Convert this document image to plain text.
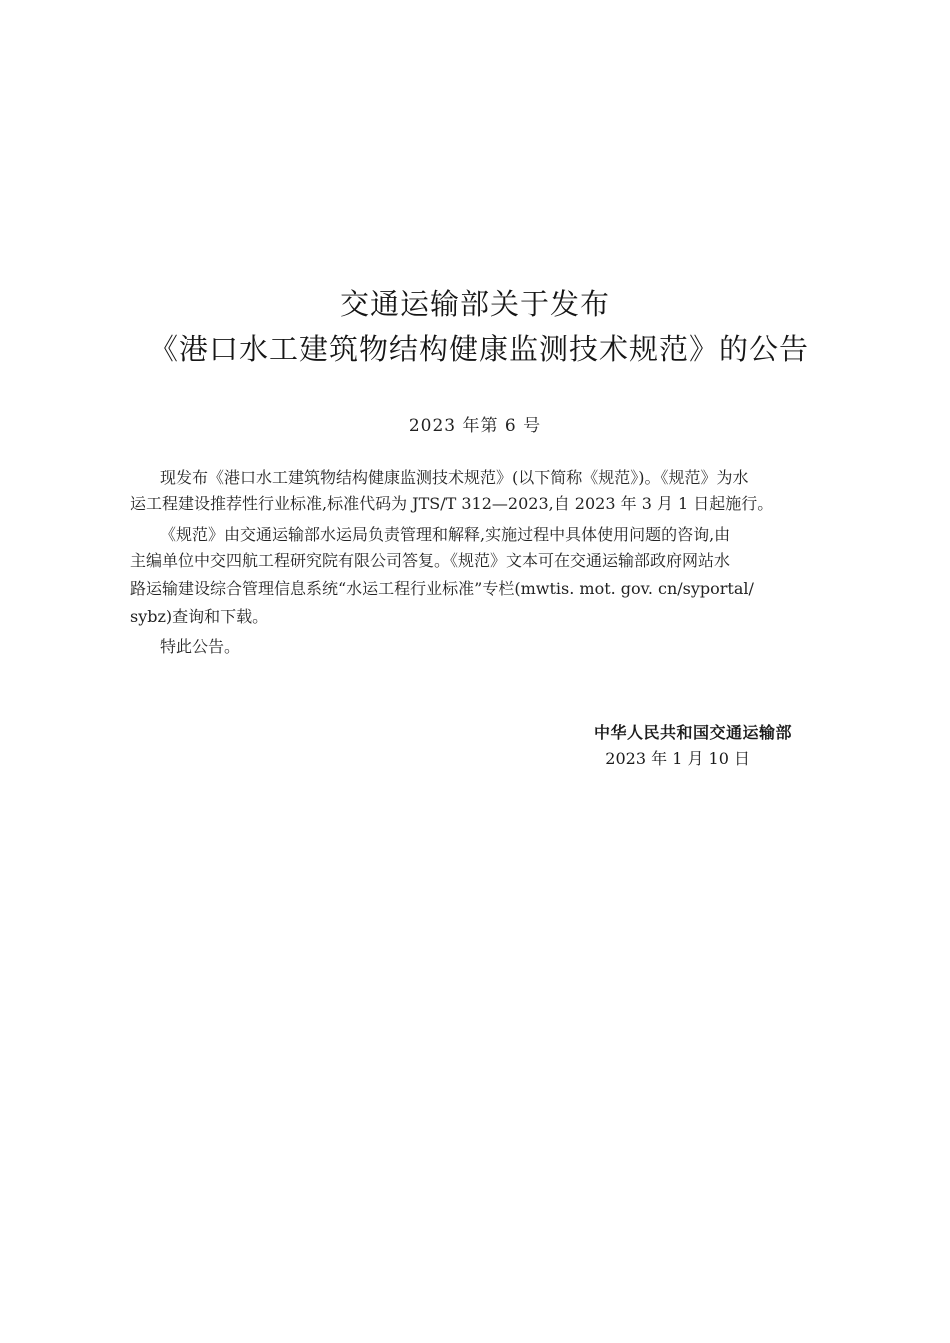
交通运输部关于发布
《港口水工建筑物结构健康监测技术规范》的公告
2023 年第 6 号
现发布《港口水工建筑物结构健康监测技术规范》(以下简称《规范》)。《规范》为水
运工程建设推荐性行业标准,标准代码为 JTS/T 312—2023,自 2023 年 3 月 1 日起施行。
《规范》由交通运输部水运局负责管理和解释,实施过程中具体使用问题的咨询,由
主编单位中交四航工程研究院有限公司答复。《规范》文本可在交通运输部政府网站水
路运输建设综合管理信息系统“水运工程行业标准”专栏(mwtis. mot. gov. cn/syportal/
sybz)查询和下载。
特此公告。
中华人民共和国交通运输部
2023 年 1 月 10 日
